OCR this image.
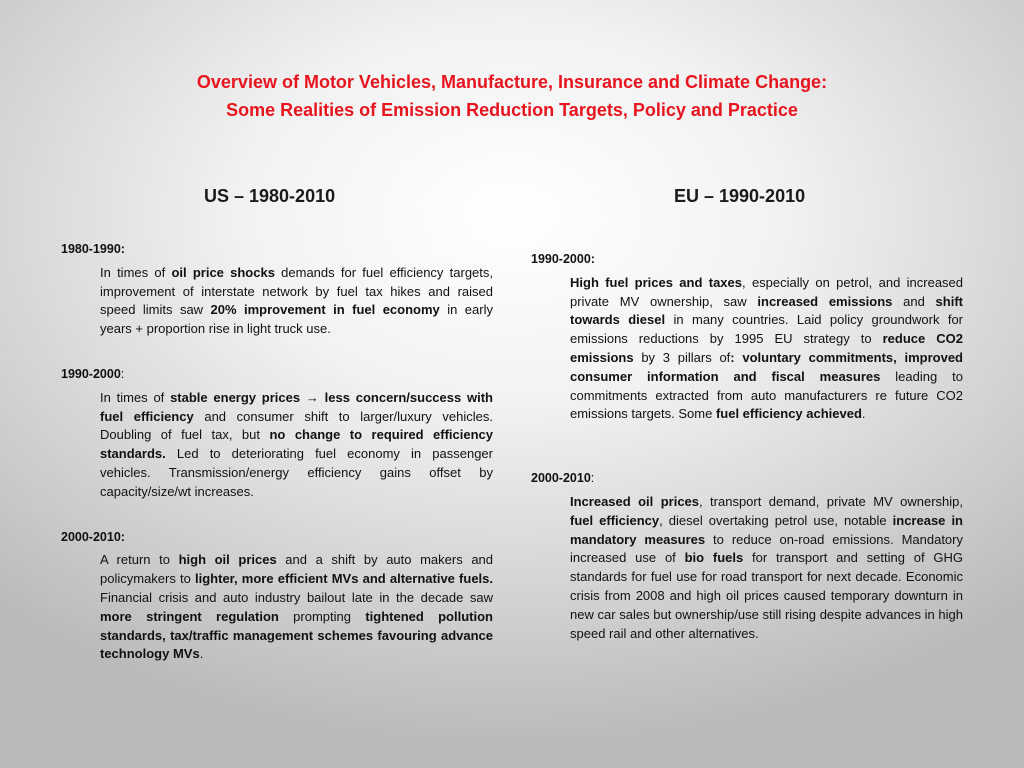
Overview of Motor Vehicles, Manufacture, Insurance and Climate Change:
Some Realities of Emission Reduction Targets, Policy and Practice
US – 1980-2010	EU – 1990-2010
1980-1990:

In times of oil price shocks demands for fuel efficiency targets, improvement of interstate network by fuel tax hikes and raised speed limits saw 20% improvement in fuel economy in early years + proportion rise in light truck use.

1990-2000:

In times of stable energy prices → less concern/success with fuel efficiency and consumer shift to larger/luxury vehicles. Doubling of fuel tax, but no change to required efficiency standards. Led to deteriorating fuel economy in passenger vehicles. Transmission/energy efficiency gains offset by capacity/size/wt increases.

2000-2010:

A return to high oil prices and a shift by auto makers and policymakers to lighter, more efficient MVs and alternative fuels. Financial crisis and auto industry bailout late in the decade saw more stringent regulation prompting tightened pollution standards, tax/traffic management schemes favouring advance technology MVs.

1990-2000:

High fuel prices and taxes, especially on petrol, and increased private MV ownership, saw increased emissions and shift towards diesel in many countries. Laid policy groundwork for emissions reductions by 1995 EU strategy to reduce CO2 emissions by 3 pillars of: voluntary commitments, improved consumer information and fiscal measures leading to commitments extracted from auto manufacturers re future CO2 emissions targets. Some fuel efficiency achieved.

2000-2010:

Increased oil prices, transport demand, private MV ownership, fuel efficiency, diesel overtaking petrol use, notable increase in mandatory measures to reduce on-road emissions. Mandatory increased use of bio fuels for transport and setting of GHG standards for fuel use for road transport for next decade. Economic crisis from 2008 and high oil prices caused temporary downturn in new car sales but ownership/use still rising despite advances in high speed rail and other alternatives.
